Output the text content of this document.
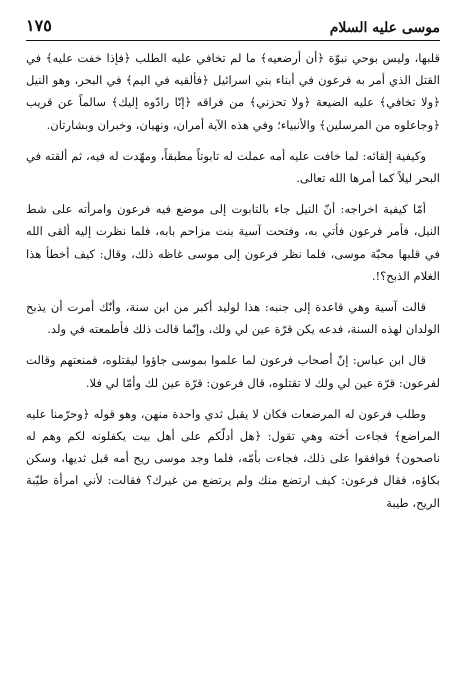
موسى عليه السلام
١٧٥

قلبها، وليس بوحي نبوّة ﴿أن أرضعيه﴾ ما لم تخافي عليه الطلب ﴿فإذا خفت عليه﴾ في القتل الذي أمر به فرعون في أبناء بني اسرائيل ﴿فألقيه في اليم﴾ في البحر، وهو النيل ﴿ولا تخافي﴾ عليه الضيعة ﴿ولا تحزني﴾ من فراقه ﴿إنّا رادّوه إليك﴾ سالماً عن قريب ﴿وجاعلوه من المرسلين﴾ والأنبياء؛ وفي هذه الآية أمران، ونهيان، وخبران وبشارتان.

وكيفية إلقائه: لما خافت عليه أمه عملت له تابوتاً مطبقاً، ومهّدت له فيه، ثم ألقته في البحر ليلاً كما أمرها الله تعالى.

أمّا كيفية اخراجه: أنّ النيل جاء بالتابوت إلى موضع فيه فرعون وامرأته على شط النيل، فأمر فرعون فأتي به، وفتحت آسية بنت مزاحم بابه، فلما نظرت إليه ألقى الله في قلبها محبّة موسى، فلما نظر فرعون إلى موسى غاظه ذلك، وقال: كيف أخطأ هذا الغلام الذبح؟!.

قالت آسية وهي قاعدة إلى جنبه: هذا لوليد أكبر من ابن سنة، وأنّك أمرت أن يذبح الولدان لهذه السنة، فدعه يكن قرّة عين لي ولك، وإنّما قالت ذلك فأطمعته في ولد.

قال ابن عباس: إنّ أصحاب فرعون لما علموا بموسى جاؤوا ليقتلوه، فمنعتهم وقالت لفرعون: قرّة عين لي ولك لا تقتلوه، قال فرعون: قرّة عين لك وأمّا لي فلا.

وطلب فرعون له المرضعات فكان لا يقبل ثدي واحدة منهن، وهو قوله ﴿وحرّمنا عليه المراضع﴾ فجاءت أخته وهي تقول: ﴿هل أدلّكم على أهل بيت يكفلونه لكم وهم له ناصحون﴾ فوافقوا على ذلك، فجاءت بأمّه، فلما وجد موسى ريح أمه قبل ثديها، وسكن بكاؤه، فقال فرعون: كيف ارتضع منك ولم يرتضع من غيرك؟ فقالت: لأني امرأة طيّبة الريح، طيبة
